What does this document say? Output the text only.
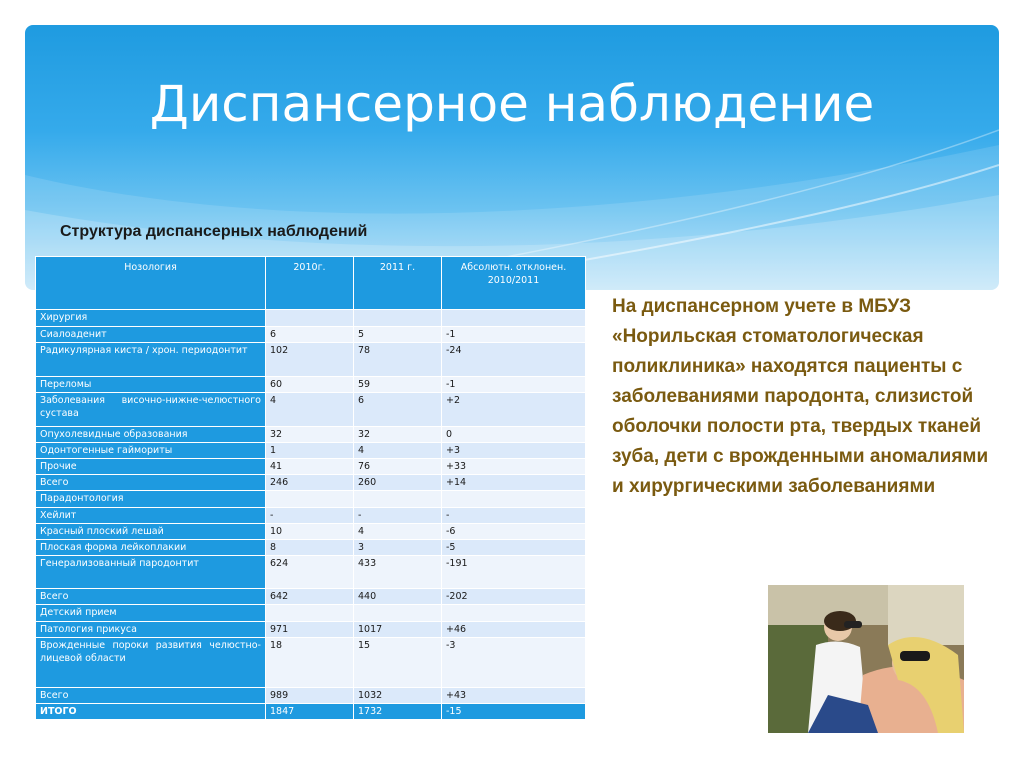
Диспансерное наблюдение

Структура диспансерных наблюдений

Нозология	2010г.	2011 г.	Абсолютн. отклонен. 2010/2011
Хирургия			
Сиалоаденит	6	5	-1
Радикулярная киста / хрон. периодонтит	102	78	-24
Переломы	60	59	-1
Заболевания височно-нижне-челюстного сустава	4	6	+2
Опухолевидные образования	32	32	0
Одонтогенные гаймориты	1	4	+3
Прочие	41	76	+33
Всего	246	260	+14
Парадонтология			
Хейлит	-	-	-
Красный плоский лешай	10	4	-6
Плоская форма лейкоплакии	8	3	-5
Генерализованный пародонтит	624	433	-191
Всего	642	440	-202
Детский прием			
Патология прикуса	971	1017	+46
Врожденные пороки развития челюстно-лицевой области	18	15	-3
Всего	989	1032	+43
ИТОГО	1847	1732	-15

На диспансерном учете в МБУЗ «Норильская стоматологическая поликлиника» находятся пациенты с заболеваниями пародонта, слизистой оболочки полости рта, твердых тканей зуба, дети с врожденными аномалиями и хирургическими заболеваниями
